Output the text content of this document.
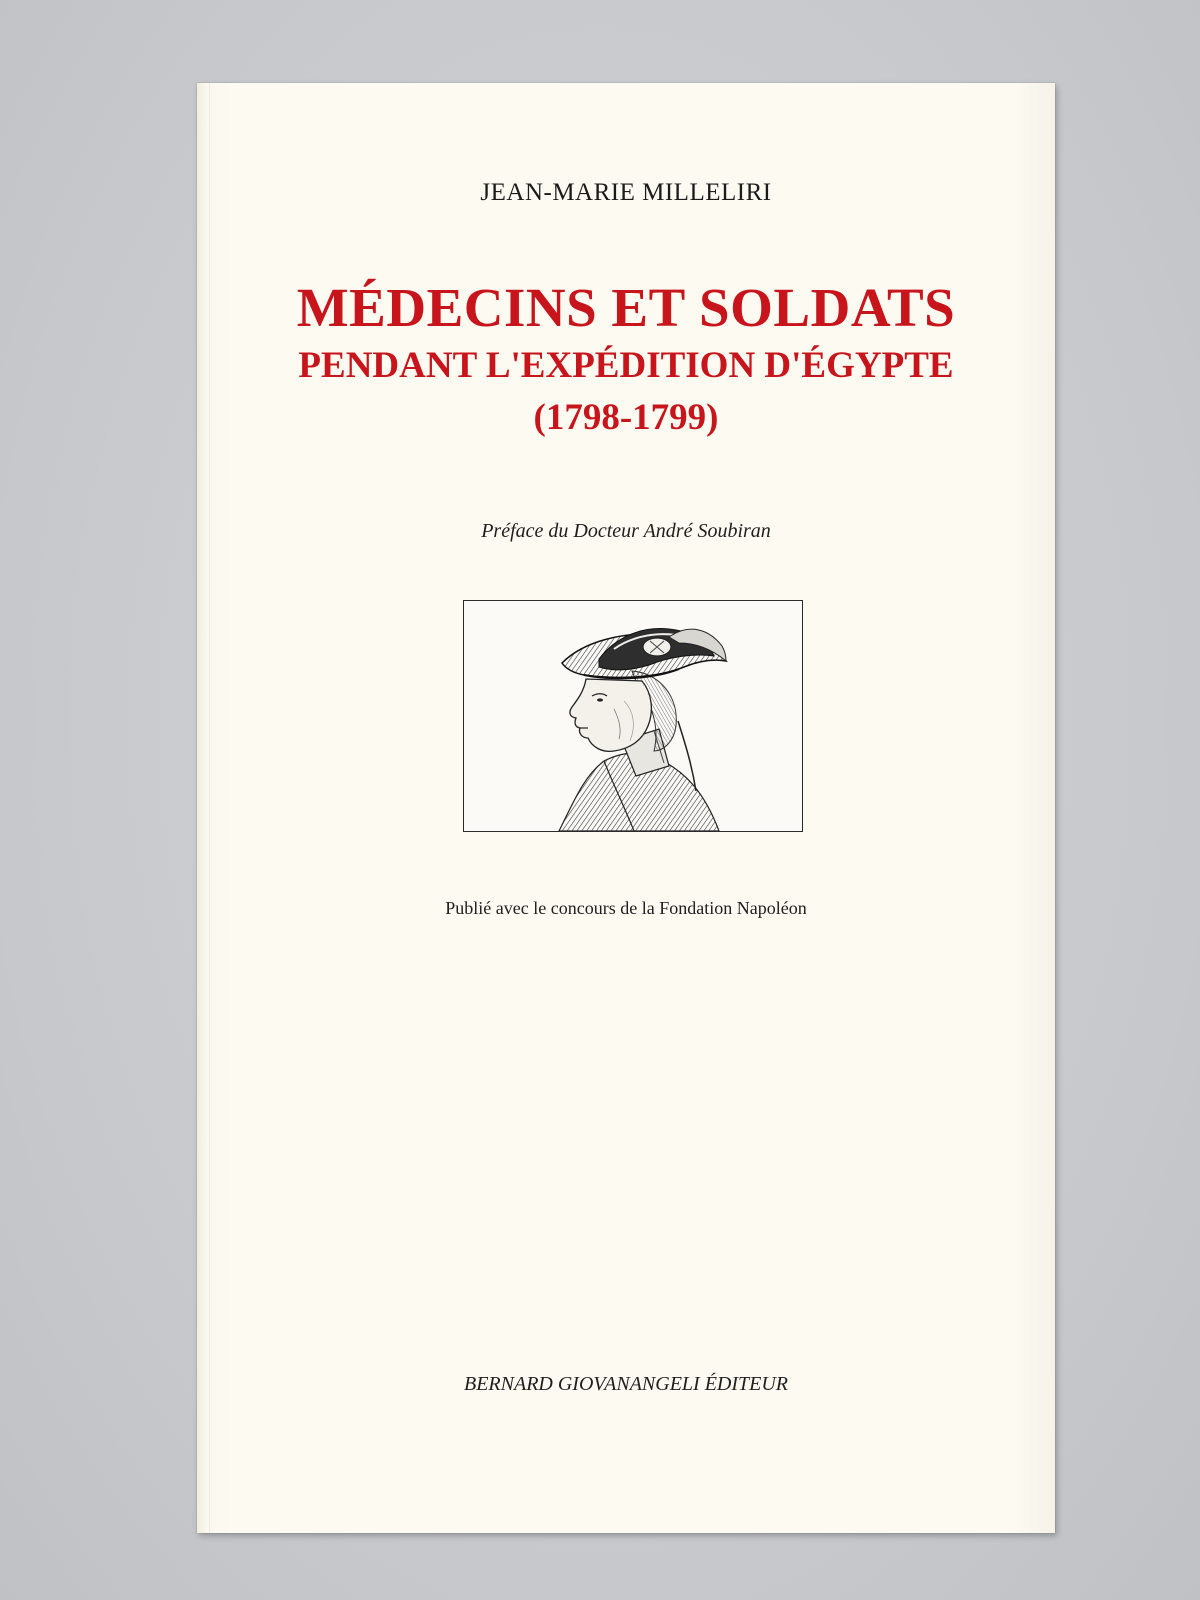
JEAN-MARIE MILLELIRI
MÉDECINS ET SOLDATS
PENDANT L'EXPÉDITION D'ÉGYPTE
(1798-1799)
Préface du Docteur André Soubiran
Publié avec le concours de la Fondation Napoléon
BERNARD GIOVANANGELI ÉDITEUR
